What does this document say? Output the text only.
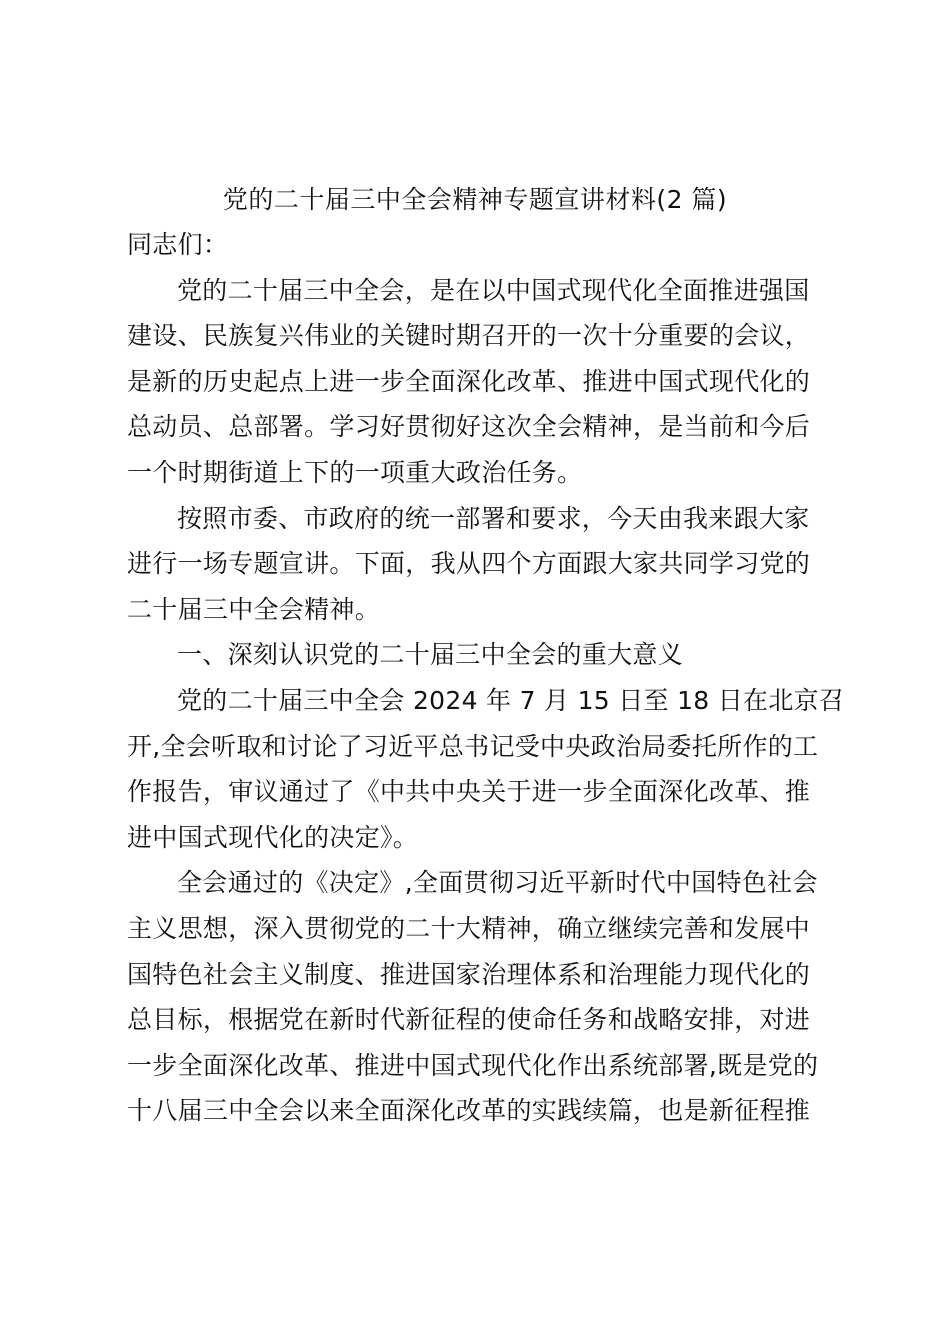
党的二十届三中全会精神专题宣讲材料(2 篇)

同志们：

党的二十届三中全会，是在以中国式现代化全面推进强国
建设、民族复兴伟业的关键时期召开的一次十分重要的会议，
是新的历史起点上进一步全面深化改革、推进中国式现代化的
总动员、总部署。学习好贯彻好这次全会精神，是当前和今后
一个时期街道上下的一项重大政治任务。

按照市委、市政府的统一部署和要求，今天由我来跟大家
进行一场专题宣讲。下面，我从四个方面跟大家共同学习党的
二十届三中全会精神。

一、深刻认识党的二十届三中全会的重大意义

党的二十届三中全会 2024 年 7 月 15 日至 18 日在北京召
开,全会听取和讨论了习近平总书记受中央政治局委托所作的工
作报告，审议通过了《中共中央关于进一步全面深化改革、推
进中国式现代化的决定》。

全会通过的《决定》,全面贯彻习近平新时代中国特色社会
主义思想，深入贯彻党的二十大精神，确立继续完善和发展中
国特色社会主义制度、推进国家治理体系和治理能力现代化的
总目标，根据党在新时代新征程的使命任务和战略安排，对进
一步全面深化改革、推进中国式现代化作出系统部署,既是党的
十八届三中全会以来全面深化改革的实践续篇，也是新征程推
